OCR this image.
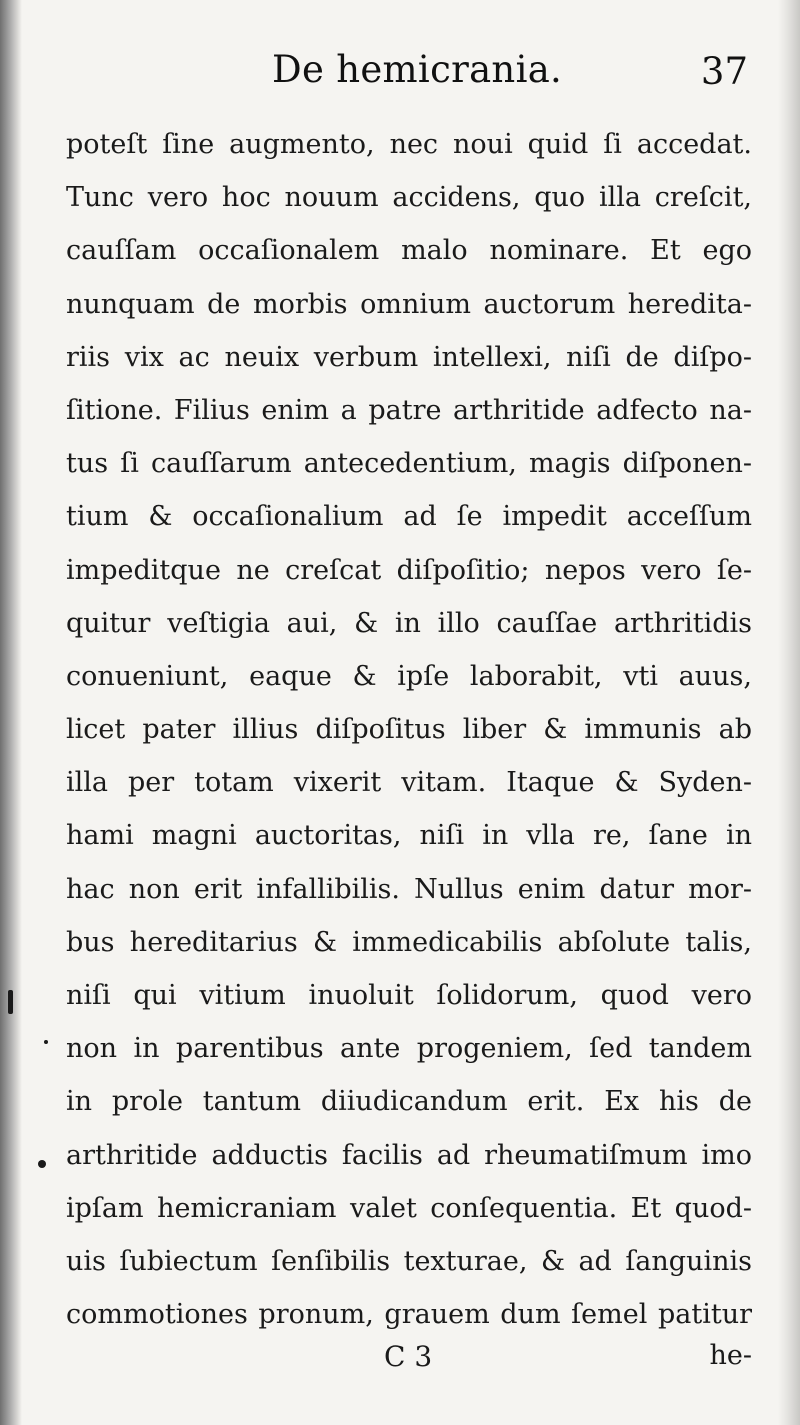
De hemicrania.	37
poteſt ſine augmento, nec noui quid ſi accedat.
Tunc vero hoc nouum accidens, quo illa creſcit,
cauſſam occaſionalem malo nominare. Et ego
nunquam de morbis omnium auctorum heredita-
riis vix ac neuix verbum intellexi, niſi de diſpo-
ſitione. Filius enim a patre arthritide adfecto na-
tus ſi cauſſarum antecedentium, magis diſponen-
tium & occaſionalium ad ſe impedit acceſſum
impeditque ne creſcat diſpoſitio; nepos vero ſe-
quitur veſtigia aui, & in illo cauſſae arthritidis
conueniunt, eaque & ipſe laborabit, vti auus,
licet pater illius diſpoſitus liber & immunis ab
illa per totam vixerit vitam. Itaque & Syden-
hami magni auctoritas, niſi in vlla re, ſane in
hac non erit infallibilis. Nullus enim datur mor-
bus hereditarius & immedicabilis abſolute talis,
niſi qui vitium inuoluit ſolidorum, quod vero
non in parentibus ante progeniem, ſed tandem
in prole tantum diiudicandum erit. Ex his de
arthritide adductis facilis ad rheumatiſmum imo
ipſam hemicraniam valet conſequentia. Et quod-
uis ſubiectum ſenſibilis texturae, & ad ſanguinis
commotiones pronum, grauem dum ſemel patitur
C 3	he-
